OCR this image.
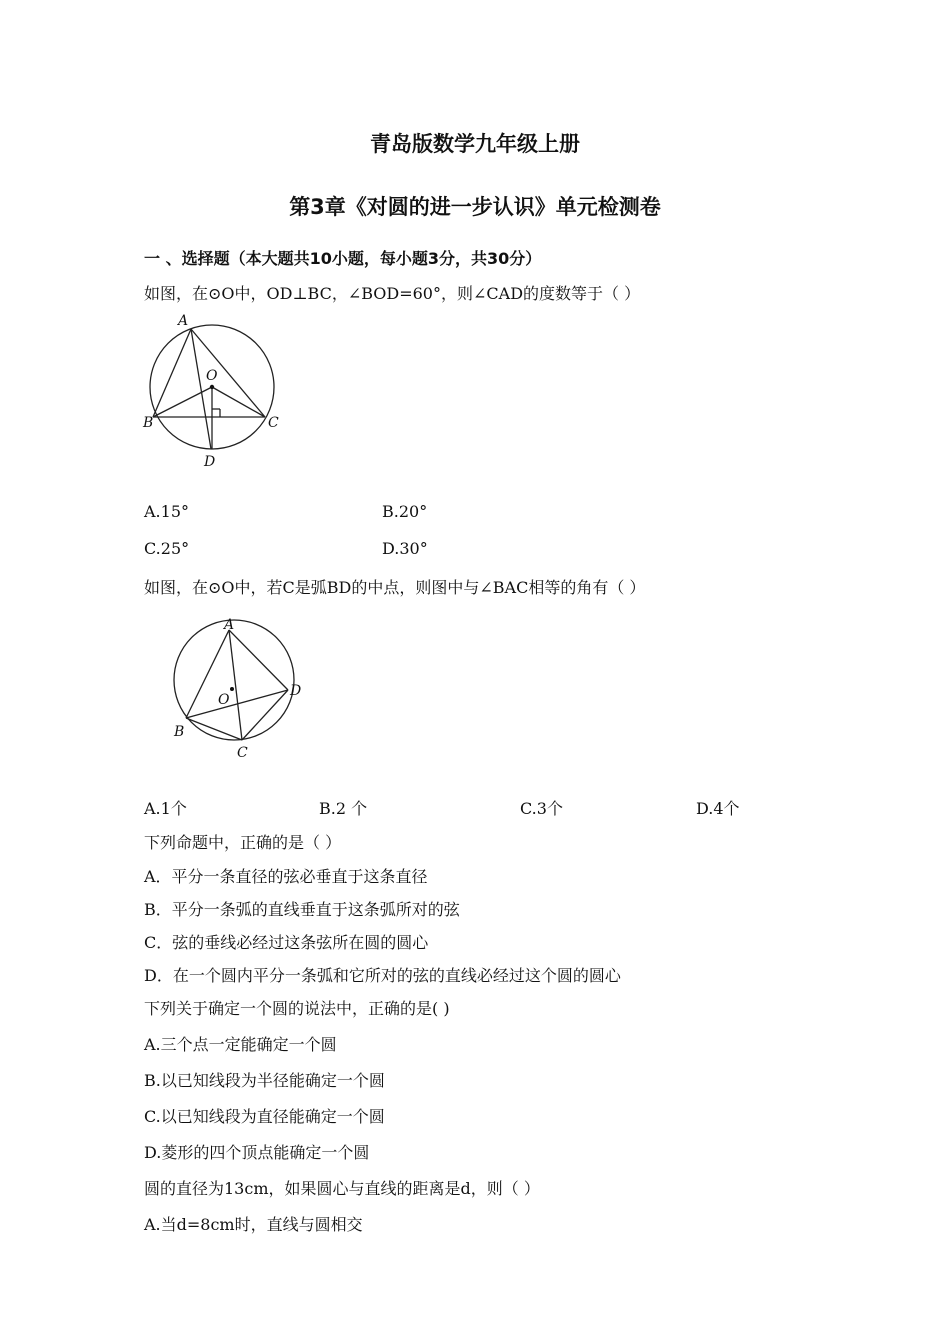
青岛版数学九年级上册
第3章《对圆的进一步认识》单元检测卷
一 、选择题（本大题共10小题，每小题3分，共30分）
如图，在⊙O中，OD⊥BC，∠BOD=60°，则∠CAD的度数等于（ ）
A
O
B	C
D
A.15°	B.20°
C.25°	D.30°
如图，在⊙O中，若C是弧BD的中点，则图中与∠BAC相等的角有（ ）
A
O
D
B
C
A.1个	B.2 个	C.3个	D.4个
下列命题中，正确的是（ ）
A．平分一条直径的弦必垂直于这条直径
B．平分一条弧的直线垂直于这条弧所对的弦
C．弦的垂线必经过这条弦所在圆的圆心
D．在一个圆内平分一条弧和它所对的弦的直线必经过这个圆的圆心
下列关于确定一个圆的说法中，正确的是( )
A.三个点一定能确定一个圆
B.以已知线段为半径能确定一个圆
C.以已知线段为直径能确定一个圆
D.菱形的四个顶点能确定一个圆
圆的直径为13cm，如果圆心与直线的距离是d，则（ ）
A.当d=8cm时，直线与圆相交
